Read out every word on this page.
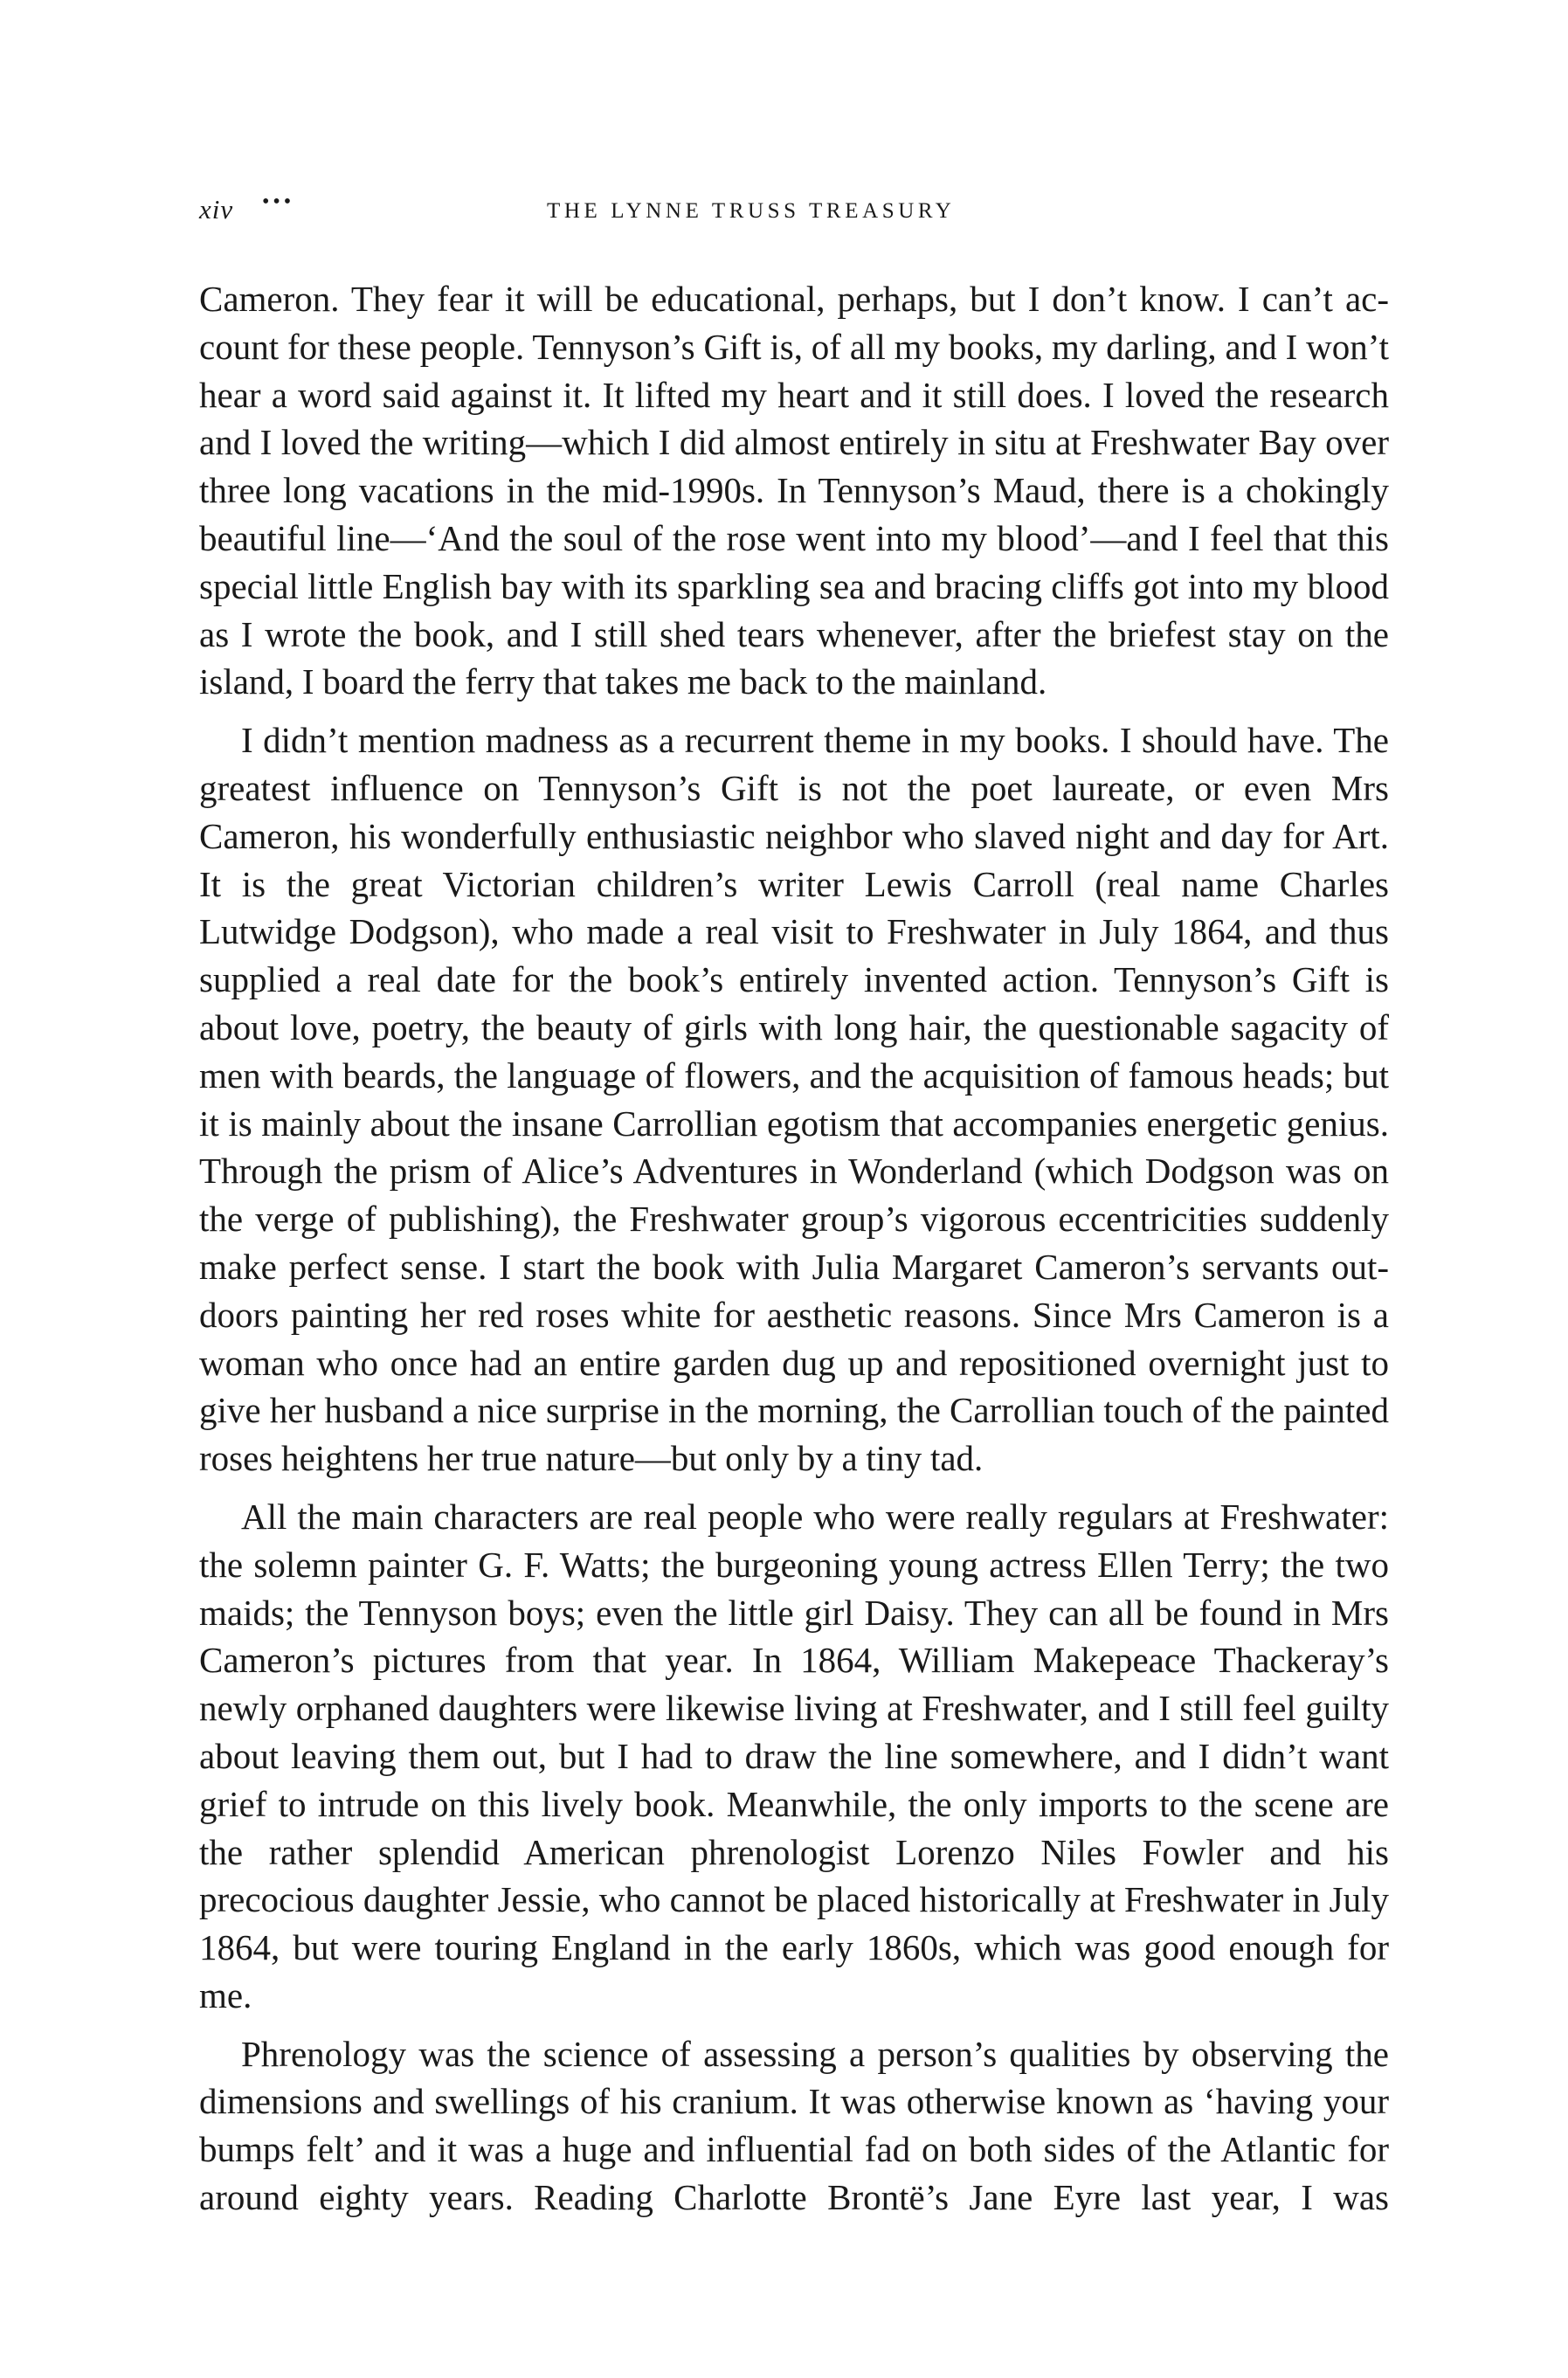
xiv •••	THE LYNNE TRUSS TREASURY

Cameron. They fear it will be educational, perhaps, but I don’t know. I can’t account for these people. Tennyson’s Gift is, of all my books, my darling, and I won’t hear a word said against it. It lifted my heart and it still does. I loved the research and I loved the writing—which I did almost entirely in situ at Freshwater Bay over three long vacations in the mid-1990s. In Tennyson’s Maud, there is a chokingly beautiful line—‘And the soul of the rose went into my blood’—and I feel that this special little English bay with its sparkling sea and bracing cliffs got into my blood as I wrote the book, and I still shed tears whenever, after the briefest stay on the island, I board the ferry that takes me back to the mainland.

I didn’t mention madness as a recurrent theme in my books. I should have. The greatest influence on Tennyson’s Gift is not the poet laureate, or even Mrs Cameron, his wonderfully enthusiastic neighbor who slaved night and day for Art. It is the great Victorian children’s writer Lewis Carroll (real name Charles Lutwidge Dodgson), who made a real visit to Freshwater in July 1864, and thus supplied a real date for the book’s entirely invented action. Tennyson’s Gift is about love, poetry, the beauty of girls with long hair, the questionable sagacity of men with beards, the language of flowers, and the acquisition of famous heads; but it is mainly about the insane Carrollian egotism that accompanies energetic genius. Through the prism of Alice’s Adventures in Wonderland (which Dodgson was on the verge of publishing), the Freshwater group’s vigorous eccentricities suddenly make perfect sense. I start the book with Julia Margaret Cameron’s servants outdoors painting her red roses white for aesthetic reasons. Since Mrs Cameron is a woman who once had an entire garden dug up and repositioned overnight just to give her husband a nice surprise in the morning, the Carrollian touch of the painted roses heightens her true nature—but only by a tiny tad.

All the main characters are real people who were really regulars at Freshwater: the solemn painter G. F. Watts; the burgeoning young actress Ellen Terry; the two maids; the Tennyson boys; even the little girl Daisy. They can all be found in Mrs Cameron’s pictures from that year. In 1864, William Makepeace Thackeray’s newly orphaned daughters were likewise living at Freshwater, and I still feel guilty about leaving them out, but I had to draw the line somewhere, and I didn’t want grief to intrude on this lively book. Meanwhile, the only imports to the scene are the rather splendid American phrenologist Lorenzo Niles Fowler and his precocious daughter Jessie, who cannot be placed historically at Freshwater in July 1864, but were touring England in the early 1860s, which was good enough for me.

Phrenology was the science of assessing a person’s qualities by observing the dimensions and swellings of his cranium. It was otherwise known as ‘having your bumps felt’ and it was a huge and influential fad on both sides of the Atlantic for around eighty years. Reading Charlotte Brontë’s Jane Eyre last year, I was
